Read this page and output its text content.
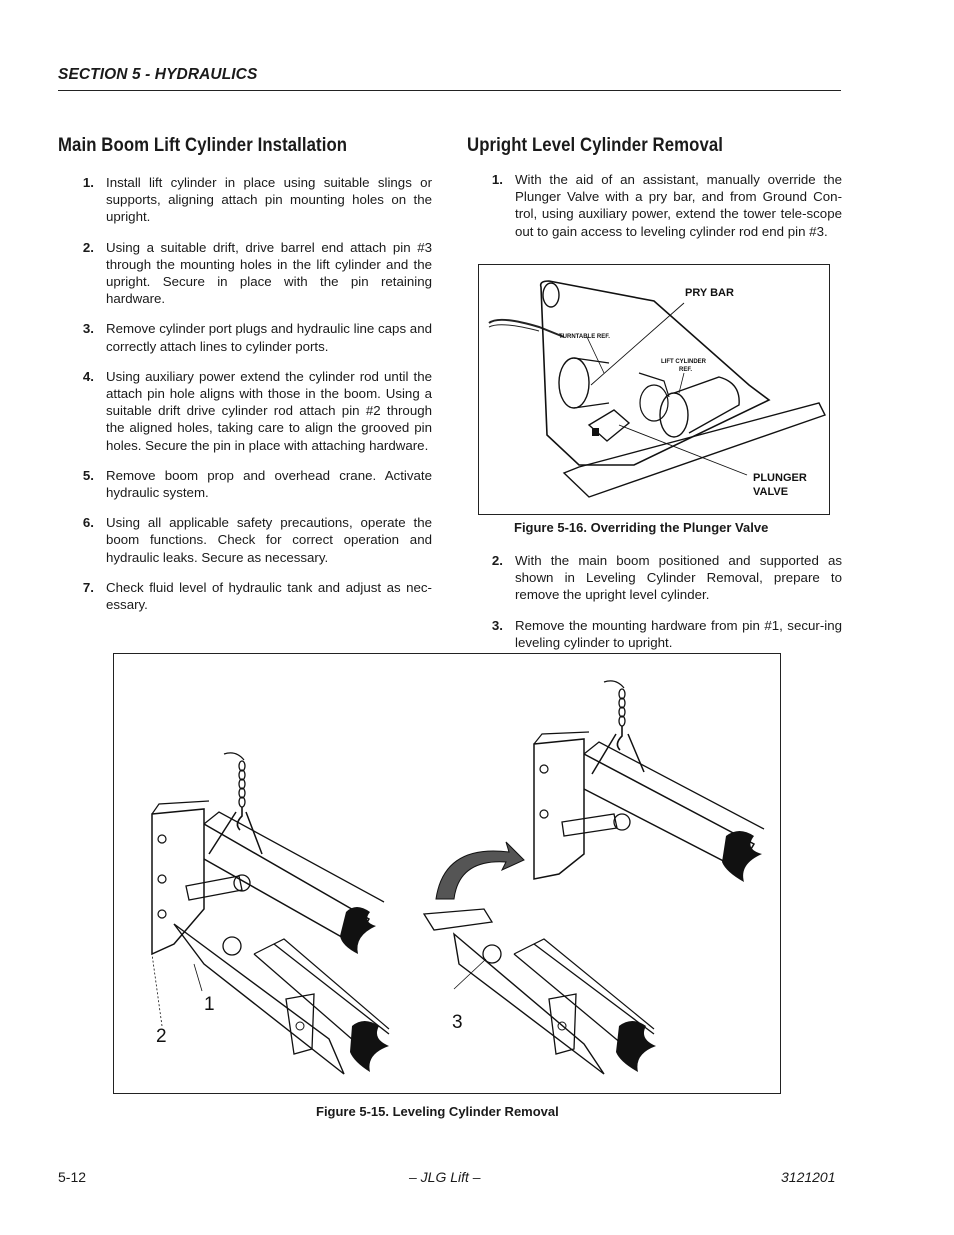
SECTION 5 - HYDRAULICS
Main Boom Lift Cylinder Installation
1. Install lift cylinder in place using suitable slings or supports, aligning attach pin mounting holes on the upright.
2. Using a suitable drift, drive barrel end attach pin #3 through the mounting holes in the lift cylinder and the upright. Secure in place with the pin retaining hardware.
3. Remove cylinder port plugs and hydraulic line caps and correctly attach lines to cylinder ports.
4. Using auxiliary power extend the cylinder rod until the attach pin hole aligns with those in the boom. Using a suitable drift drive cylinder rod attach pin #2 through the aligned holes, taking care to align the grooved pin holes. Secure the pin in place with attaching hardware.
5. Remove boom prop and overhead crane. Activate hydraulic system.
6. Using all applicable safety precautions, operate the boom functions. Check for correct operation and hydraulic leaks. Secure as necessary.
7. Check fluid level of hydraulic tank and adjust as nec-essary.
Upright Level Cylinder Removal
1. With the aid of an assistant, manually override the Plunger Valve with a pry bar, and from Ground Con-trol, using auxiliary power, extend the tower tele-scope out to gain access to leveling cylinder rod end pin #3.
PRY BAR
TURNTABLE REF.
LIFT CYLINDER
REF.
PLUNGER
VALVE
Figure 5-16. Overriding the Plunger Valve
2. With the main boom positioned and supported as shown in Leveling Cylinder Removal, prepare to remove the upright level cylinder.
3. Remove the mounting hardware from pin #1, secur-ing leveling cylinder to upright.
1
2
3
Figure 5-15. Leveling Cylinder Removal
5-12	– JLG Lift –	3121201
